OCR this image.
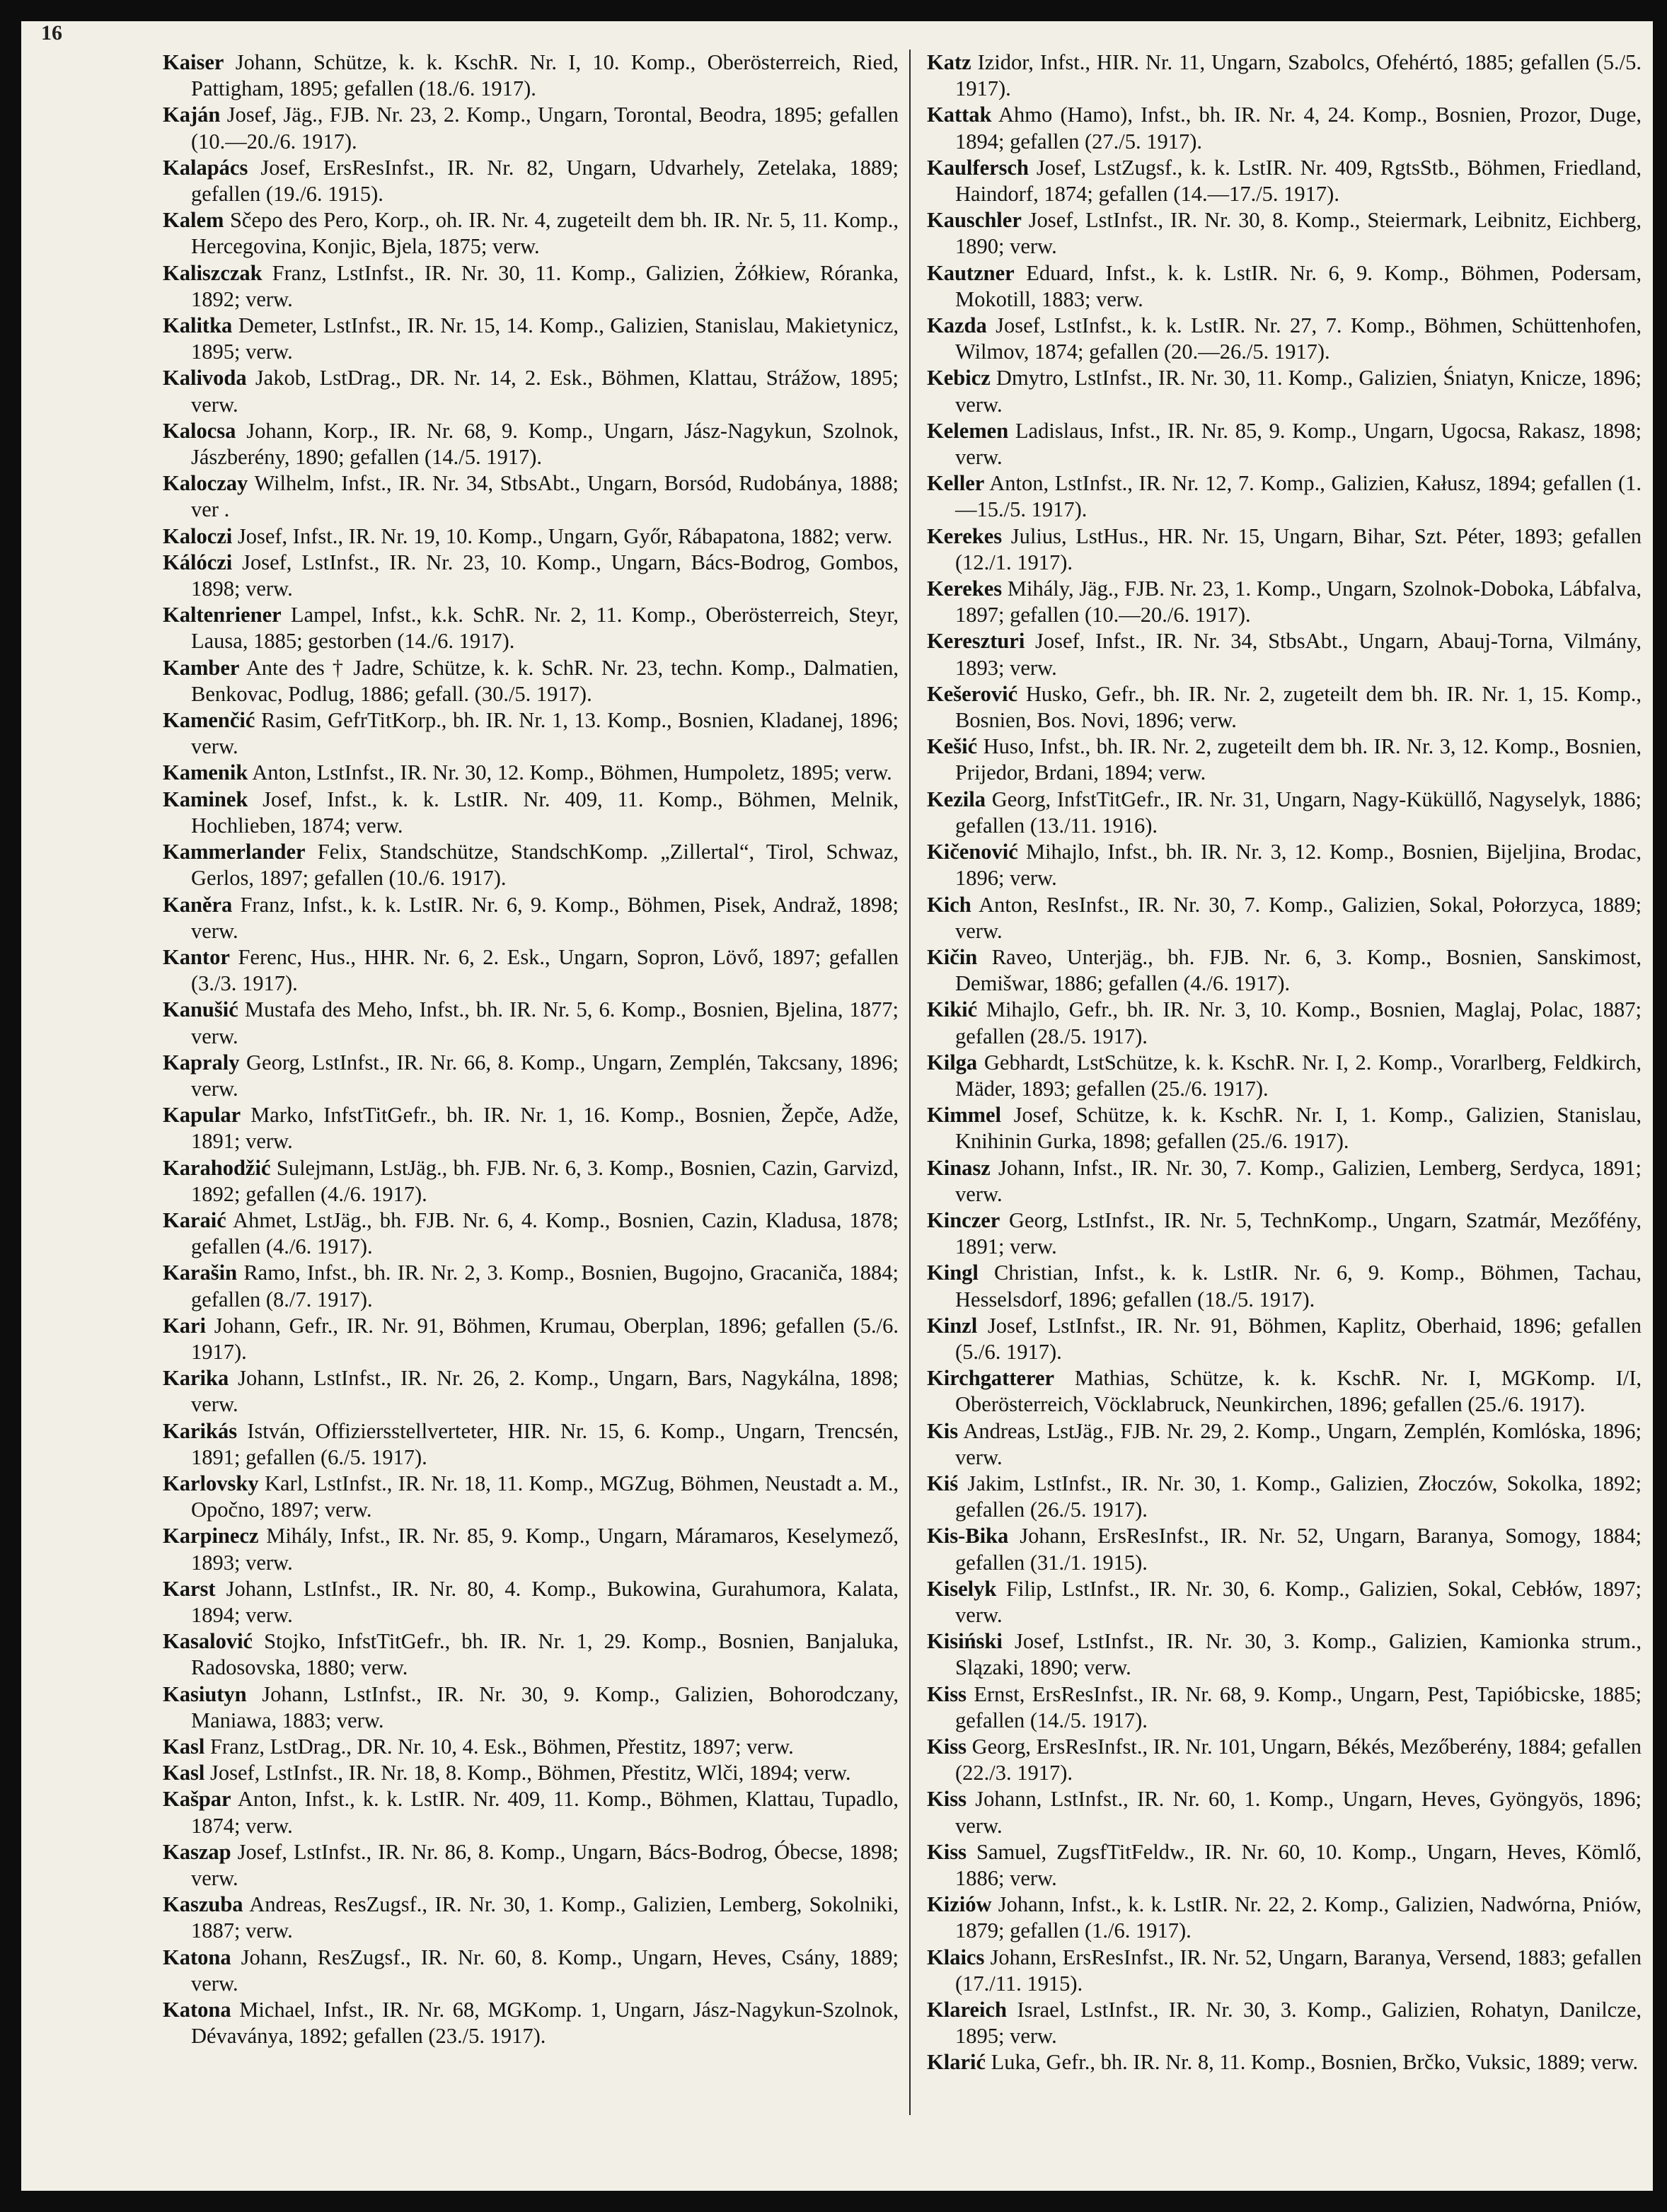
16

Kaiser Johann, Schütze, k. k. KschR. Nr. I, 10. Komp., Oberösterreich, Ried, Pattigham, 1895; gefallen (18./6. 1917).

Kaján Josef, Jäg., FJB. Nr. 23, 2. Komp., Ungarn, Torontal, Beodra, 1895; gefallen (10.—20./6. 1917).

Kalapács Josef, ErsResInfst., IR. Nr. 82, Ungarn, Udvarhely, Zetelaka, 1889; gefallen (19./6. 1915).

Kalem Sčepo des Pero, Korp., oh. IR. Nr. 4, zugeteilt dem bh. IR. Nr. 5, 11. Komp., Hercegovina, Konjic, Bjela, 1875; verw.

Kaliszczak Franz, LstInfst., IR. Nr. 30, 11. Komp., Galizien, Żółkiew, Róranka, 1892; verw.

Kalitka Demeter, LstInfst., IR. Nr. 15, 14. Komp., Galizien, Stanislau, Makietynicz, 1895; verw.

Kalivoda Jakob, LstDrag., DR. Nr. 14, 2. Esk., Böhmen, Klattau, Strážow, 1895; verw.

Kalocsa Johann, Korp., IR. Nr. 68, 9. Komp., Ungarn, Jász-Nagykun, Szolnok, Jászberény, 1890; gefallen (14./5. 1917).

Kaloczay Wilhelm, Infst., IR. Nr. 34, StbsAbt., Ungarn, Borsód, Rudobánya, 1888; ver .

Kaloczi Josef, Infst., IR. Nr. 19, 10. Komp., Ungarn, Győr, Rábapatona, 1882; verw.

Kálóczi Josef, LstInfst., IR. Nr. 23, 10. Komp., Ungarn, Bács-Bodrog, Gombos, 1898; verw.

Kaltenriener Lampel, Infst., k.k. SchR. Nr. 2, 11. Komp., Oberösterreich, Steyr, Lausa, 1885; gestorben (14./6. 1917).

Kamber Ante des † Jadre, Schütze, k. k. SchR. Nr. 23, techn. Komp., Dalmatien, Benkovac, Podlug, 1886; gefall. (30./5. 1917).

Kamenčić Rasim, GefrTitKorp., bh. IR. Nr. 1, 13. Komp., Bosnien, Kladanej, 1896; verw.

Kamenik Anton, LstInfst., IR. Nr. 30, 12. Komp., Böhmen, Humpoletz, 1895; verw.

Kaminek Josef, Infst., k. k. LstIR. Nr. 409, 11. Komp., Böhmen, Melnik, Hochlieben, 1874; verw.

Kammerlander Felix, Standschütze, StandschKomp. „Zillertal“, Tirol, Schwaz, Gerlos, 1897; gefallen (10./6. 1917).

Kaněra Franz, Infst., k. k. LstIR. Nr. 6, 9. Komp., Böhmen, Pisek, Andraž, 1898; verw.

Kantor Ferenc, Hus., HHR. Nr. 6, 2. Esk., Ungarn, Sopron, Lövő, 1897; gefallen (3./3. 1917).

Kanušić Mustafa des Meho, Infst., bh. IR. Nr. 5, 6. Komp., Bosnien, Bjelina, 1877; verw.

Kapraly Georg, LstInfst., IR. Nr. 66, 8. Komp., Ungarn, Zemplén, Takcsany, 1896; verw.

Kapular Marko, InfstTitGefr., bh. IR. Nr. 1, 16. Komp., Bosnien, Žepče, Adže, 1891; verw.

Karahodžić Sulejmann, LstJäg., bh. FJB. Nr. 6, 3. Komp., Bosnien, Cazin, Garvizd, 1892; gefallen (4./6. 1917).

Karaić Ahmet, LstJäg., bh. FJB. Nr. 6, 4. Komp., Bosnien, Cazin, Kladusa, 1878; gefallen (4./6. 1917).

Karašin Ramo, Infst., bh. IR. Nr. 2, 3. Komp., Bosnien, Bugojno, Gracaniča, 1884; gefallen (8./7. 1917).

Kari Johann, Gefr., IR. Nr. 91, Böhmen, Krumau, Oberplan, 1896; gefallen (5./6. 1917).

Karika Johann, LstInfst., IR. Nr. 26, 2. Komp., Ungarn, Bars, Nagykálna, 1898; verw.

Karikás István, Offiziersstellverteter, HIR. Nr. 15, 6. Komp., Ungarn, Trencsén, 1891; gefallen (6./5. 1917).

Karlovsky Karl, LstInfst., IR. Nr. 18, 11. Komp., MGZug, Böhmen, Neustadt a. M., Opočno, 1897; verw.

Karpinecz Mihály, Infst., IR. Nr. 85, 9. Komp., Ungarn, Máramaros, Keselymező, 1893; verw.

Karst Johann, LstInfst., IR. Nr. 80, 4. Komp., Bukowina, Gurahumora, Kalata, 1894; verw.

Kasalović Stojko, InfstTitGefr., bh. IR. Nr. 1, 29. Komp., Bosnien, Banjaluka, Radosovska, 1880; verw.

Kasiutyn Johann, LstInfst., IR. Nr. 30, 9. Komp., Galizien, Bohorodczany, Maniawa, 1883; verw.

Kasl Franz, LstDrag., DR. Nr. 10, 4. Esk., Böhmen, Přestitz, 1897; verw.

Kasl Josef, LstInfst., IR. Nr. 18, 8. Komp., Böhmen, Přestitz, Wlči, 1894; verw.

Kašpar Anton, Infst., k. k. LstIR. Nr. 409, 11. Komp., Böhmen, Klattau, Tupadlo, 1874; verw.

Kaszap Josef, LstInfst., IR. Nr. 86, 8. Komp., Ungarn, Bács-Bodrog, Óbecse, 1898; verw.

Kaszuba Andreas, ResZugsf., IR. Nr. 30, 1. Komp., Galizien, Lemberg, Sokolniki, 1887; verw.

Katona Johann, ResZugsf., IR. Nr. 60, 8. Komp., Ungarn, Heves, Csány, 1889; verw.

Katona Michael, Infst., IR. Nr. 68, MGKomp. 1, Ungarn, Jász-Nagykun-Szolnok, Dévaványa, 1892; gefallen (23./5. 1917).

Katz Izidor, Infst., HIR. Nr. 11, Ungarn, Szabolcs, Ofehértó, 1885; gefallen (5./5. 1917).

Kattak Ahmo (Hamo), Infst., bh. IR. Nr. 4, 24. Komp., Bosnien, Prozor, Duge, 1894; gefallen (27./5. 1917).

Kaulfersch Josef, LstZugsf., k. k. LstIR. Nr. 409, RgtsStb., Böhmen, Friedland, Haindorf, 1874; gefallen (14.—17./5. 1917).

Kauschler Josef, LstInfst., IR. Nr. 30, 8. Komp., Steiermark, Leibnitz, Eichberg, 1890; verw.

Kautzner Eduard, Infst., k. k. LstIR. Nr. 6, 9. Komp., Böhmen, Podersam, Mokotill, 1883; verw.

Kazda Josef, LstInfst., k. k. LstIR. Nr. 27, 7. Komp., Böhmen, Schüttenhofen, Wilmov, 1874; gefallen (20.—26./5. 1917).

Kebicz Dmytro, LstInfst., IR. Nr. 30, 11. Komp., Galizien, Śniatyn, Knicze, 1896; verw.

Kelemen Ladislaus, Infst., IR. Nr. 85, 9. Komp., Ungarn, Ugocsa, Rakasz, 1898; verw.

Keller Anton, LstInfst., IR. Nr. 12, 7. Komp., Galizien, Kałusz, 1894; gefallen (1.—15./5. 1917).

Kerekes Julius, LstHus., HR. Nr. 15, Ungarn, Bihar, Szt. Péter, 1893; gefallen (12./1. 1917).

Kerekes Mihály, Jäg., FJB. Nr. 23, 1. Komp., Ungarn, Szolnok-Doboka, Lábfalva, 1897; gefallen (10.—20./6. 1917).

Kereszturi Josef, Infst., IR. Nr. 34, StbsAbt., Ungarn, Abauj-Torna, Vilmány, 1893; verw.

Kešerović Husko, Gefr., bh. IR. Nr. 2, zugeteilt dem bh. IR. Nr. 1, 15. Komp., Bosnien, Bos. Novi, 1896; verw.

Kešić Huso, Infst., bh. IR. Nr. 2, zugeteilt dem bh. IR. Nr. 3, 12. Komp., Bosnien, Prijedor, Brdani, 1894; verw.

Kezila Georg, InfstTitGefr., IR. Nr. 31, Ungarn, Nagy-Küküllő, Nagyselyk, 1886; gefallen (13./11. 1916).

Kičenović Mihajlo, Infst., bh. IR. Nr. 3, 12. Komp., Bosnien, Bijeljina, Brodac, 1896; verw.

Kich Anton, ResInfst., IR. Nr. 30, 7. Komp., Galizien, Sokal, Połorzyca, 1889; verw.

Kičin Raveo, Unterjäg., bh. FJB. Nr. 6, 3. Komp., Bosnien, Sanskimost, Demišwar, 1886; gefallen (4./6. 1917).

Kikić Mihajlo, Gefr., bh. IR. Nr. 3, 10. Komp., Bosnien, Maglaj, Polac, 1887; gefallen (28./5. 1917).

Kilga Gebhardt, LstSchütze, k. k. KschR. Nr. I, 2. Komp., Vorarlberg, Feldkirch, Mäder, 1893; gefallen (25./6. 1917).

Kimmel Josef, Schütze, k. k. KschR. Nr. I, 1. Komp., Galizien, Stanislau, Knihinin Gurka, 1898; gefallen (25./6. 1917).

Kinasz Johann, Infst., IR. Nr. 30, 7. Komp., Galizien, Lemberg, Serdyca, 1891; verw.

Kinczer Georg, LstInfst., IR. Nr. 5, TechnKomp., Ungarn, Szatmár, Mezőfény, 1891; verw.

Kingl Christian, Infst., k. k. LstIR. Nr. 6, 9. Komp., Böhmen, Tachau, Hesselsdorf, 1896; gefallen (18./5. 1917).

Kinzl Josef, LstInfst., IR. Nr. 91, Böhmen, Kaplitz, Oberhaid, 1896; gefallen (5./6. 1917).

Kirchgatterer Mathias, Schütze, k. k. KschR. Nr. I, MGKomp. I/I, Oberösterreich, Vöcklabruck, Neunkirchen, 1896; gefallen (25./6. 1917).

Kis Andreas, LstJäg., FJB. Nr. 29, 2. Komp., Ungarn, Zemplén, Komlóska, 1896; verw.

Kiś Jakim, LstInfst., IR. Nr. 30, 1. Komp., Galizien, Złoczów, Sokolka, 1892; gefallen (26./5. 1917).

Kis-Bika Johann, ErsResInfst., IR. Nr. 52, Ungarn, Baranya, Somogy, 1884; gefallen (31./1. 1915).

Kiselyk Filip, LstInfst., IR. Nr. 30, 6. Komp., Galizien, Sokal, Cebłów, 1897; verw.

Kisiński Josef, LstInfst., IR. Nr. 30, 3. Komp., Galizien, Kamionka strum., Slązaki, 1890; verw.

Kiss Ernst, ErsResInfst., IR. Nr. 68, 9. Komp., Ungarn, Pest, Tapióbicske, 1885; gefallen (14./5. 1917).

Kiss Georg, ErsResInfst., IR. Nr. 101, Ungarn, Békés, Mezőberény, 1884; gefallen (22./3. 1917).

Kiss Johann, LstInfst., IR. Nr. 60, 1. Komp., Ungarn, Heves, Gyöngyös, 1896; verw.

Kiss Samuel, ZugsfTitFeldw., IR. Nr. 60, 10. Komp., Ungarn, Heves, Kömlő, 1886; verw.

Kiziów Johann, Infst., k. k. LstIR. Nr. 22, 2. Komp., Galizien, Nadwórna, Pniów, 1879; gefallen (1./6. 1917).

Klaics Johann, ErsResInfst., IR. Nr. 52, Ungarn, Baranya, Versend, 1883; gefallen (17./11. 1915).

Klareich Israel, LstInfst., IR. Nr. 30, 3. Komp., Galizien, Rohatyn, Danilcze, 1895; verw.

Klarić Luka, Gefr., bh. IR. Nr. 8, 11. Komp., Bosnien, Brčko, Vuksic, 1889; verw.
